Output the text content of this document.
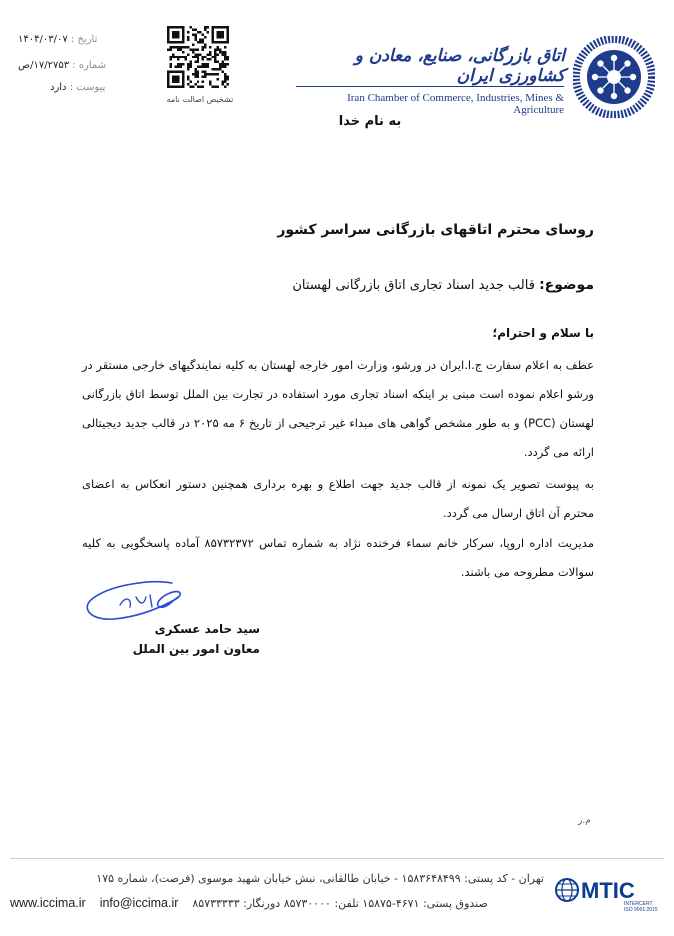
تاریخ : ۱۴۰۴/۰۳/۰۷
شماره : ۱۷/۲۷۵۳/ص
پیوست : دارد
تشخیص اصالت نامه
اتاق بازرگانی، صنایع، معادن و کشاورزی ایران
Iran Chamber of Commerce, Industries, Mines & Agriculture
به نام خدا
روسای محترم اتاقهای بازرگانی سراسر کشور
موضوع: قالب جدید اسناد تجاری اتاق بازرگانی لهستان
با سلام و احترام؛
عطف به اعلام سفارت ج.ا.ایران در ورشو، وزارت امور خارجه لهستان به کلیه نمایندگیهای خارجی مستقر در ورشو اعلام نموده است مبنی بر اینکه اسناد تجاری مورد استفاده در تجارت بین الملل توسط اتاق بازرگانی لهستان (PCC) و به طور مشخص گواهی های مبداء غیر ترجیحی از تاریخ ۶ مه ۲۰۲۵ در قالب جدید دیجیتالی ارائه می گردد.
به پیوست تصویر یک نمونه از قالب جدید جهت اطلاع و بهره برداری همچنین دستور انعکاس به اعضای محترم آن اتاق ارسال می گردد.
مدیریت اداره اروپا، سرکار خانم سماء فرخنده نژاد به شماره تماس ۸۵۷۳۲۳۷۲ آماده پاسخگویی به کلیه سوالات مطروحه می باشند.
سید حامد عسکری
معاون امور بین الملل
م.ر
تهران - کد پستی: ۱۵۸۳۶۴۸۴۹۹ - خیابان طالقانی، نبش خیابان شهید موسوی (فرصت)، شماره ۱۷۵
www.iccima.ir info@iccima.ir صندوق پستی: ۴۶۷۱-۱۵۸۷۵ تلفن: ۸۵۷۳۰۰۰۰ دورنگار: ۸۵۷۳۳۳۳۳
MTIC
INTERCERT
ISO 9001:2015
